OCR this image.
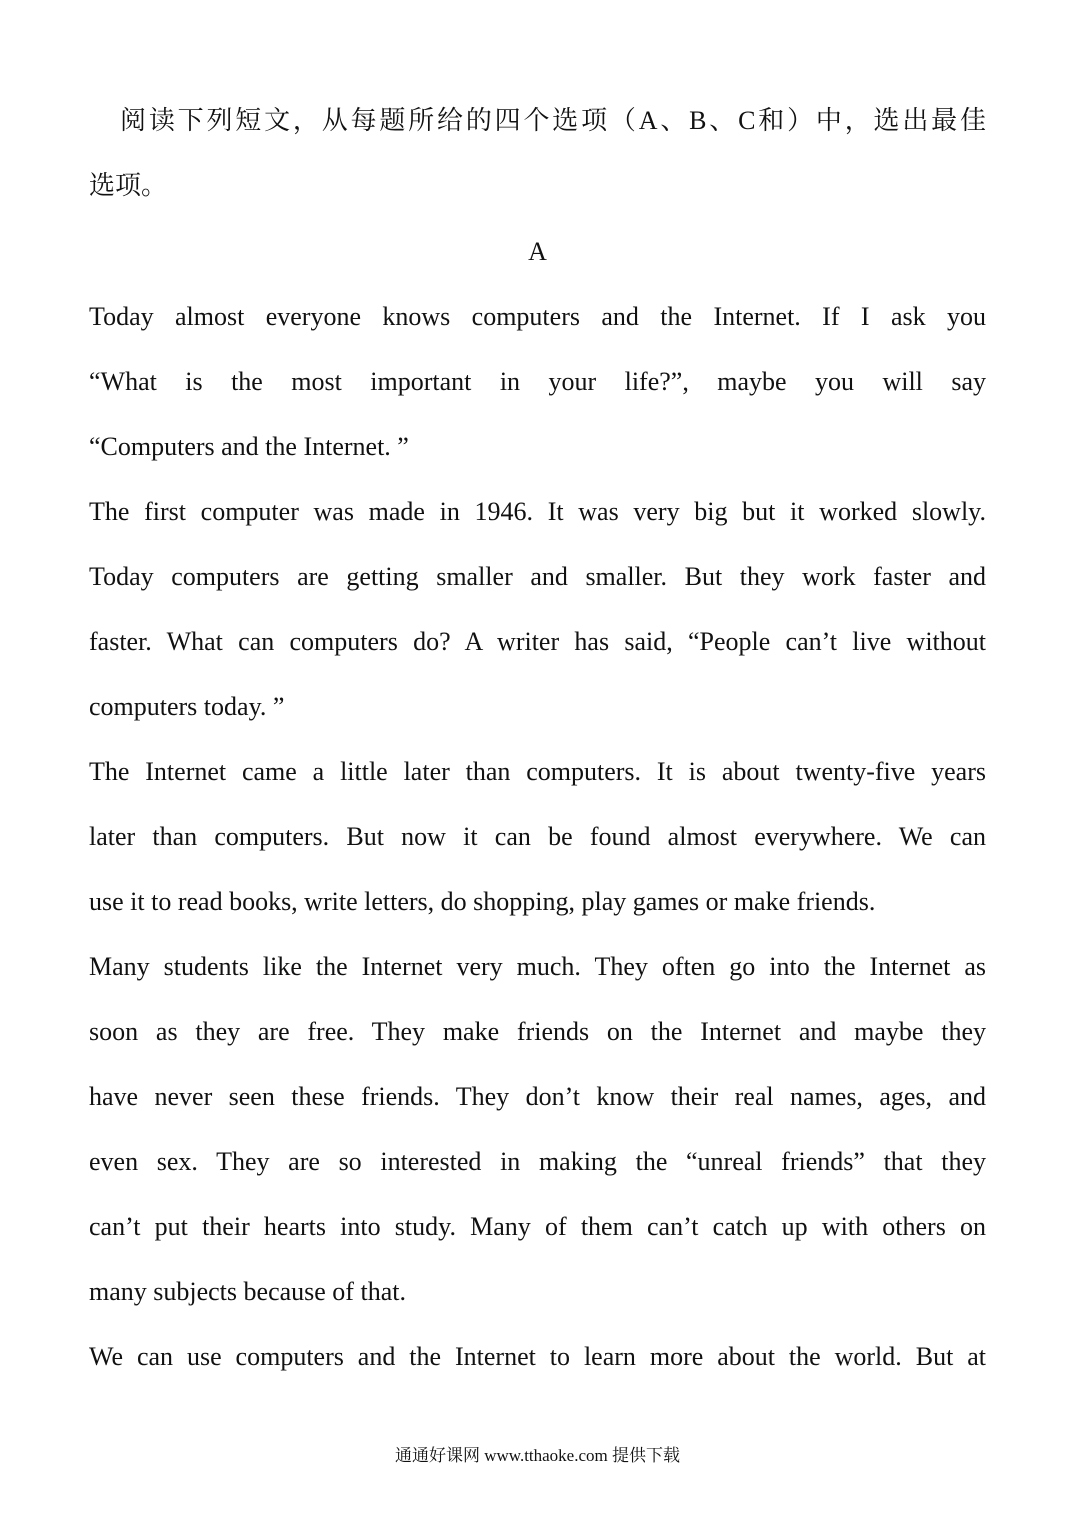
阅读下列短文，从每题所给的四个选项（A、B、C和）中，选出最佳
选项。
A
Today almost everyone knows computers and the Internet. If I ask you
“What is the most important in your life?”, maybe you will say
“Computers and the Internet. ”
The first computer was made in 1946. It was very big but it worked slowly.
Today computers are getting smaller and smaller. But they work faster and
faster. What can computers do? A writer has said, “People can’t live without
computers today. ”
The Internet came a little later than computers. It is about twenty-five years
later than computers. But now it can be found almost everywhere. We can
use it to read books, write letters, do shopping, play games or make friends.
Many students like the Internet very much. They often go into the Internet as
soon as they are free. They make friends on the Internet and maybe they
have never seen these friends. They don’t know their real names, ages, and
even sex. They are so interested in making the “unreal friends” that they
can’t put their hearts into study. Many of them can’t catch up with others on
many subjects because of that.
We can use computers and the Internet to learn more about the world. But at
通通好课网 www.tthaoke.com 提供下载
